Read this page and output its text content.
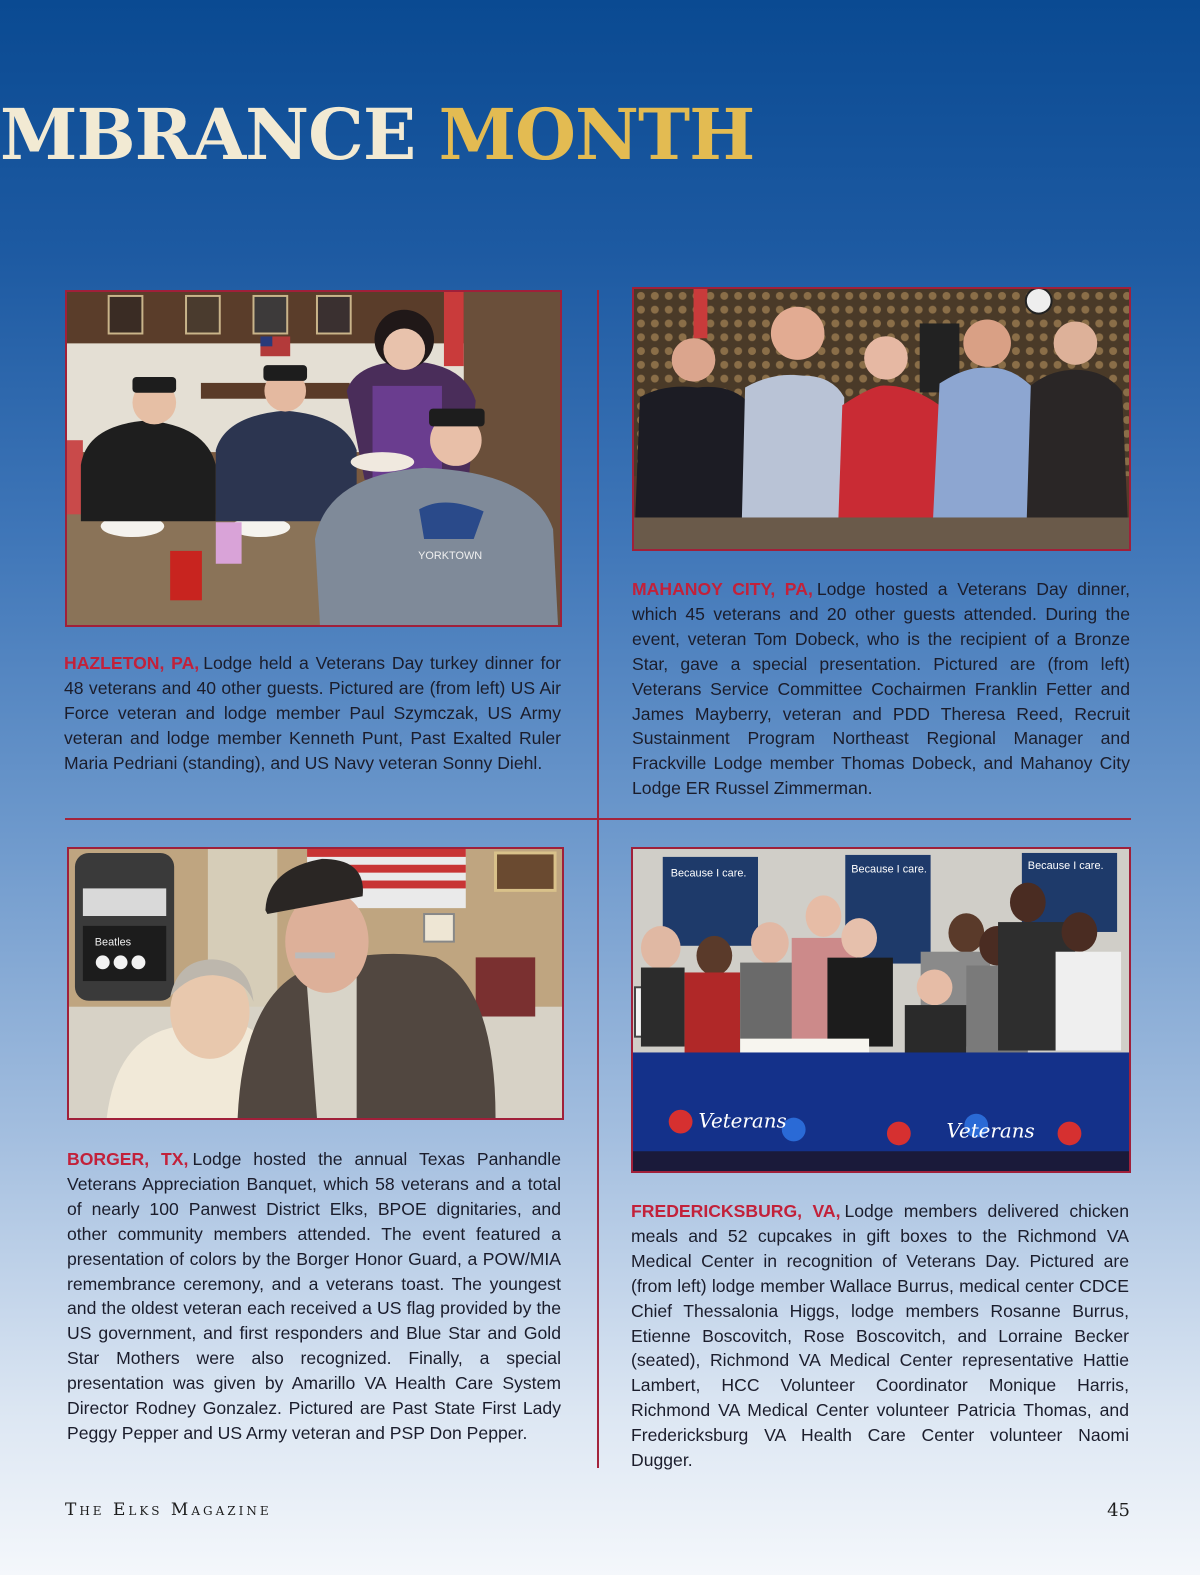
MBRANCE MONTH
YORKTOWN

HAZLETON, PA, Lodge held a Veterans Day turkey dinner for 48 veterans and 40 other guests. Pictured are (from left) US Air Force veteran and lodge member Paul Szymczak, US Army veteran and lodge member Kenneth Punt, Past Exalted Ruler Maria Pedriani (standing), and US Navy veteran Sonny Diehl.

MAHANOY CITY, PA, Lodge hosted a Veterans Day dinner, which 45 veterans and 20 other guests attended. During the event, veteran Tom Dobeck, who is the recipient of a Bronze Star, gave a special presentation. Pictured are (from left) Veterans Service Committee Cochairmen Franklin Fetter and James Mayberry, veteran and PDD Theresa Reed, Recruit Sustainment Program Northeast Regional Manager and Frackville Lodge member Thomas Dobeck, and Mahanoy City Lodge ER Russel Zimmerman.

Beatles
Because I care.	Because I care.	Because I care.
Veterans	Veterans

BORGER, TX, Lodge hosted the annual Texas Panhandle Veterans Appreciation Banquet, which 58 veterans and a total of nearly 100 Panwest District Elks, BPOE dignitaries, and other community members attended. The event featured a presentation of colors by the Borger Honor Guard, a POW/MIA remembrance ceremony, and a veterans toast. The youngest and the oldest veteran each received a US flag provided by the US government, and first responders and Blue Star and Gold Star Mothers were also recognized. Finally, a special presentation was given by Amarillo VA Health Care System Director Rodney Gonzalez. Pictured are Past State First Lady Peggy Pepper and US Army veteran and PSP Don Pepper.

FREDERICKSBURG, VA, Lodge members delivered chicken meals and 52 cupcakes in gift boxes to the Richmond VA Medical Center in recognition of Veterans Day. Pictured are (from left) lodge member Wallace Burrus, medical center CDCE Chief Thessalonia Higgs, lodge members Rosanne Burrus, Etienne Boscovitch, Rose Boscovitch, and Lorraine Becker (seated), Richmond VA Medical Center representative Hattie Lambert, HCC Volunteer Coordinator Monique Harris, Richmond VA Medical Center volunteer Patricia Thomas, and Fredericksburg VA Health Care Center volunteer Naomi Dugger.

The Elks Magazine	45
